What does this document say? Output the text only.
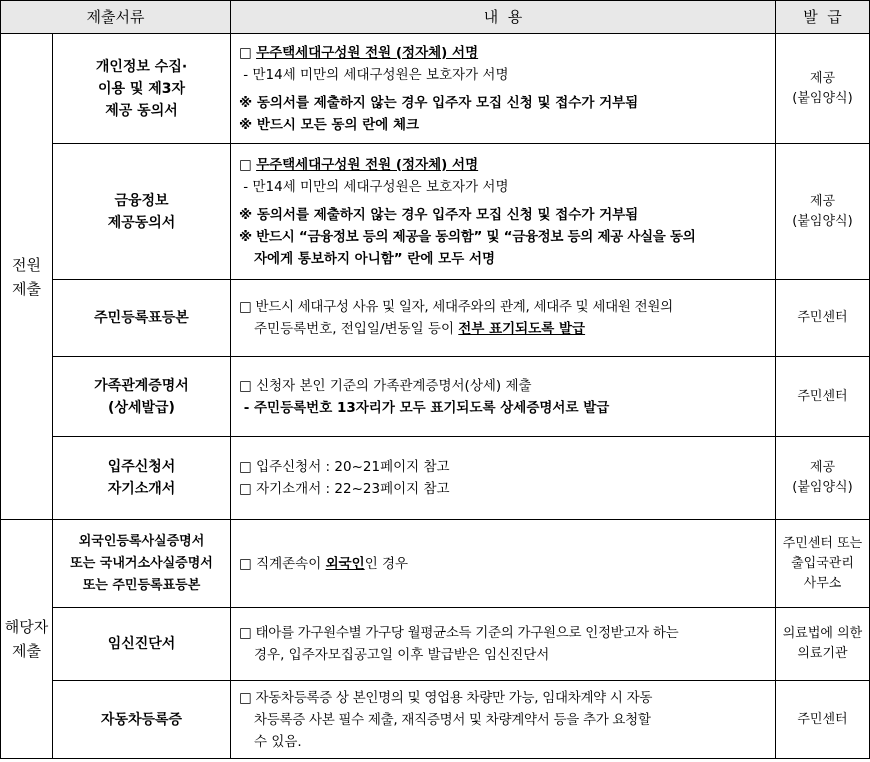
제출서류		내  용	발  급

전원
제출	개인정보 수집·
이용 및 제3자
제공 동의서	□ 무주택세대구성원 전원 (정자체) 서명
- 만14세 미만의 세대구성원은 보호자가 서명
※ 동의서를 제출하지 않는 경우 입주자 모집 신청 및 접수가 거부됨
※ 반드시 모든 동의 란에 체크	제공
(붙임양식)

	금융정보
제공동의서	□ 무주택세대구성원 전원 (정자체) 서명
- 만14세 미만의 세대구성원은 보호자가 서명
※ 동의서를 제출하지 않는 경우 입주자 모집 신청 및 접수가 거부됨
※ 반드시 “금융정보 등의 제공을 동의함” 및 “금융정보 등의 제공 사실을 동의
자에게 통보하지 아니함” 란에 모두 서명	제공
(붙임양식)

	주민등록표등본	□ 반드시 세대구성 사유 및 일자, 세대주와의 관계, 세대주 및 세대원 전원의
주민등록번호, 전입일/변동일 등이 전부 표기되도록 발급	주민센터

	가족관계증명서
(상세발급)	□ 신청자 본인 기준의 가족관계증명서(상세) 제출
- 주민등록번호 13자리가 모두 표기되도록 상세증명서로 발급	주민센터

	입주신청서
자기소개서	□ 입주신청서 : 20~21페이지 참고
□ 자기소개서 : 22~23페이지 참고	제공
(붙임양식)

해당자
제출	외국인등록사실증명서
또는 국내거소사실증명서
또는 주민등록표등본	□ 직계존속이 외국인인 경우	주민센터 또는
출입국관리
사무소

	임신진단서	□ 태아를 가구원수별 가구당 월평균소득 기준의 가구원으로 인정받고자 하는
경우, 입주자모집공고일 이후 발급받은 임신진단서	의료법에 의한
의료기관

	자동차등록증	□ 자동차등록증 상 본인명의 및 영업용 차량만 가능, 임대차계약 시 자동
차등록증 사본 필수 제출, 재직증명서 및 차량계약서 등을 추가 요청할
수 있음.	주민센터
